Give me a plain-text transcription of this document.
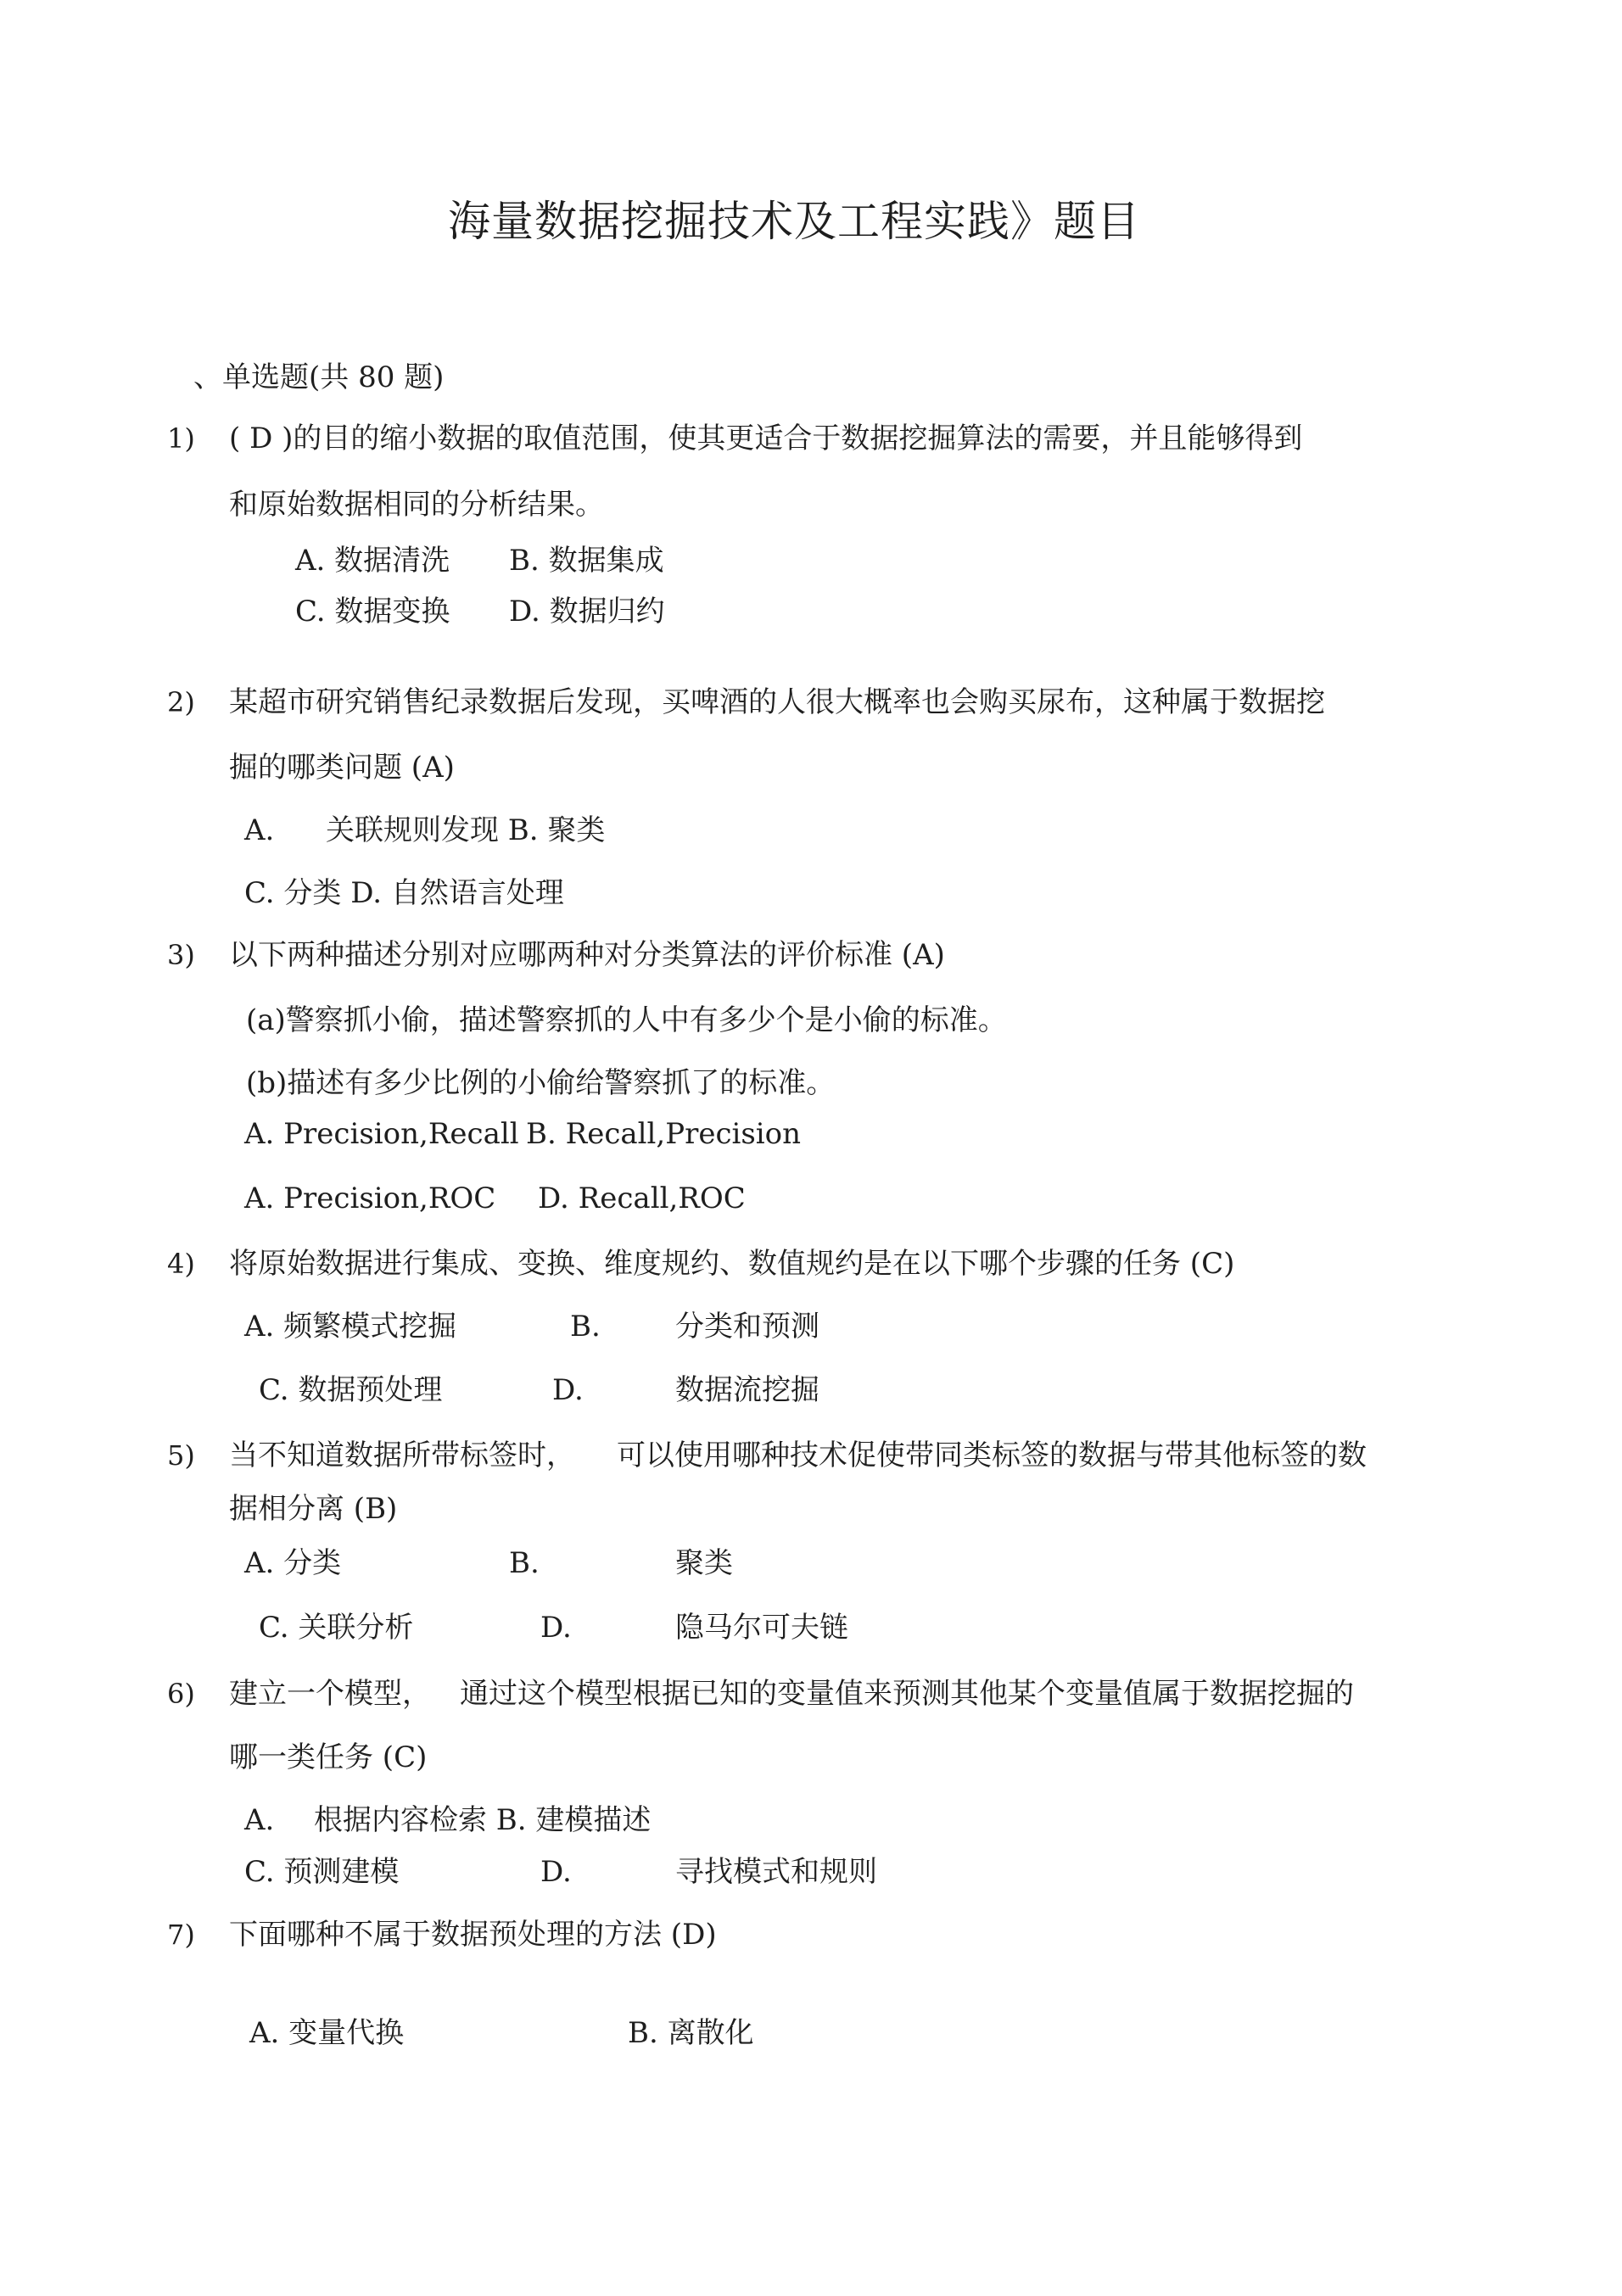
海量数据挖掘技术及工程实践》题目
、单选题(共 80 题)
1) ( D )的目的缩小数据的取值范围，使其更适合于数据挖掘算法的需要，并且能够得到
和原始数据相同的分析结果。
A. 数据清洗 B. 数据集成
C. 数据变换 D. 数据归约
2) 某超市研究销售纪录数据后发现，买啤酒的人很大概率也会购买尿布，这种属于数据挖
掘的哪类问题 (A)
A. 关联规则发现 B. 聚类
C. 分类 D. 自然语言处理
3) 以下两种描述分别对应哪两种对分类算法的评价标准 (A)
(a)警察抓小偷，描述警察抓的人中有多少个是小偷的标准。
(b)描述有多少比例的小偷给警察抓了的标准。
A. Precision,Recall B. Recall,Precision
A. Precision,ROC D. Recall,ROC
4) 将原始数据进行集成、变换、维度规约、数值规约是在以下哪个步骤的任务 (C)
A. 频繁模式挖掘	B.	分类和预测
C. 数据预处理	D.	数据流挖掘
5) 当不知道数据所带标签时， 可以使用哪种技术促使带同类标签的数据与带其他标签的数
据相分离 (B)
A. 分类	B.	聚类
C. 关联分析	D.	隐马尔可夫链
6) 建立一个模型， 通过这个模型根据已知的变量值来预测其他某个变量值属于数据挖掘的
哪一类任务 (C)
A. 根据内容检索 B. 建模描述
C. 预测建模	D.	寻找模式和规则
7) 下面哪种不属于数据预处理的方法 (D)
A. 变量代换	B. 离散化
